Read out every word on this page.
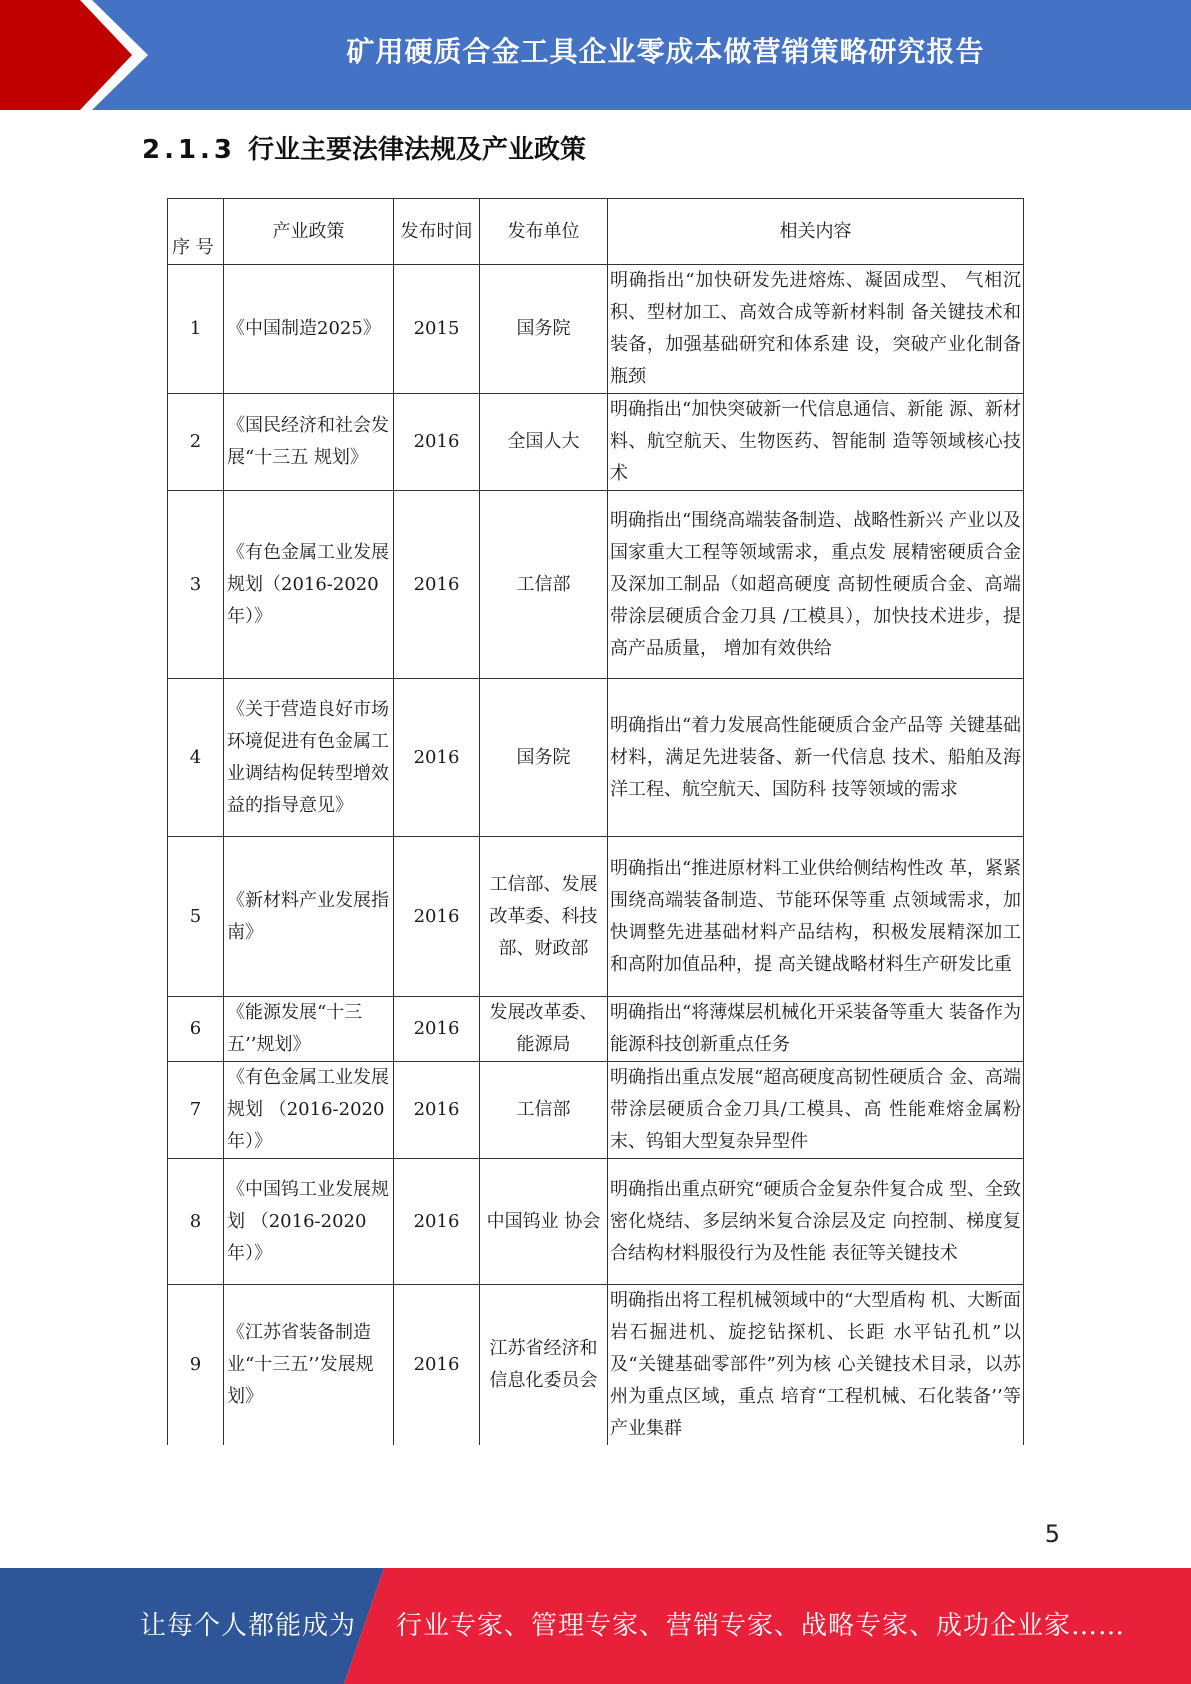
矿用硬质合金工具企业零成本做营销策略研究报告
2.1.3 行业主要法律法规及产业政策
序 号	产业政策	发布时间	发布单位	相关内容
1	《中国制造2025》	2015	国务院	明确指出“加快研发先进熔炼、凝固成型、 气相沉积、型材加工、高效合成等新材料制 备关键技术和装备，加强基础研究和体系建 设，突破产业化制备瓶颈
2	《国民经济和社会发展“十三五 规划》	2016	全国人大	明确指出“加快突破新一代信息通信、新能 源、新材料、航空航天、生物医药、智能制 造等领域核心技术
3	《有色金属工业发展规划（2016-2020 年）》	2016	工信部	明确指出“围绕高端装备制造、战略性新兴 产业以及国家重大工程等领域需求，重点发 展精密硬质合金及深加工制品（如超高硬度 高韧性硬质合金、高端带涂层硬质合金刀具 /工模具），加快技术进步，提高产品质量， 增加有效供给
4	《关于营造良好市场环境促进有色金属工业调结构促转型增效益的指导意见》	2016	国务院	明确指出“着力发展高性能硬质合金产品等 关键基础材料，满足先进装备、新一代信息 技术、船舶及海洋工程、航空航天、国防科 技等领域的需求
5	《新材料产业发展指南》	2016	工信部、发展改革委、科技部、财政部	明确指出“推进原材料工业供给侧结构性改 革，紧紧围绕高端装备制造、节能环保等重 点领域需求，加快调整先进基础材料产品结构，积极发展精深加工和高附加值品种，提 高关键战略材料生产研发比重
6	《能源发展“十三五’’规划》	2016	发展改革委、能源局	明确指出“将薄煤层机械化开采装备等重大 装备作为能源科技创新重点任务
7	《有色金属工业发展规划 （2016-2020 年）》	2016	工信部	明确指出重点发展“超高硬度高韧性硬质合 金、高端带涂层硬质合金刀具/工模具、高 性能难熔金属粉末、钨钼大型复杂异型件
8	《中国钨工业发展规划 （2016-2020 年）》	2016	中国钨业 协会	明确指出重点研究“硬质合金复杂件复合成 型、全致密化烧结、多层纳米复合涂层及定 向控制、梯度复合结构材料服役行为及性能 表征等关键技术
9	《江苏省装备制造业“十三五’’发展规划》	2016	江苏省经济和信息化委员会	明确指出将工程机械领域中的“大型盾构 机、大断面岩石掘进机、旋挖钻探机、长距 水平钻孔机”以及“关键基础零部件”列为核 心关键技术目录，以苏州为重点区域，重点 培育“工程机械、石化装备’’等产业集群
5
让每个人都能成为 行业专家、管理专家、营销专家、战略专家、成功企业家……
